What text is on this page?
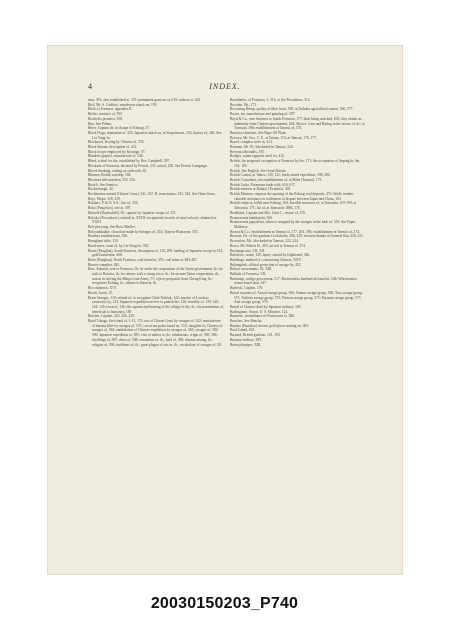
4	INDEX.

near, 391; also established at, 597; permanent garrison at, 619; railway to, 621.

Bird, Mr. S. Godfrey; murderous attack on, 199.

Birds of Formosa, appendix II.

Births, statistics of, 593.

Bischofia javanica, 558.

Bita. See Pithau.

Bitter, Captain de, in charge of Kelung, 57.

Black Flags, reputation of, 325; Japanese attack on, at Soupitoeson, 333; history of, 346. See Liu Yung-fu.

Blackmail, levying by Chinese of, 376.

Black Stream, description of, 412.

Black troops employed by Koxinga, 37.

Blankets (paper), manufacture of, 546.

Blind, school for the, established by Rev. Campbell, 597.

Blockade of Formosa, declared by French, 231; raised, 238. See French Campaign.

Blood-drinking, sealing an oath with, 65.

Blumen, British warship, 504.

Bloomea helicaraefera, 555, 556.

Boat-li. See Jaemica.

Bockenburgh, 40.

Bocheneuse nuraed (Chinee Grass), 541, 547; B. tenacissima, 541, 542. See Ghae Grass.

Bojo, Major, 328, 329.

Bokkars, P. & O. S.S., loss of, 256.

Boko (Pang-hoo), site at, 397.

Boloeth (Booksshelf), 65; capture by Japanese troops of, 351.

Bokoko (Pescadores), rainfall at, XVIII; exceptional records of wind velocity obtained at, XXIII.

Bok-pin-yung. See Boso Mailler.

Bokyookkakke, chocolate made by Savages of, 553; Taiyose Plant near, 555.

Bombax malabaricum, 556.

Bomgbuot tribe, 119.

Bond notes, issue of, by Liu Yung-fu, 352.

Bonie (Pangliau), South Formosa, description of, 118, 209; landing of Japanese troops at 354; gold found near, 466.

Borie (Pangliau), North Formosa, coal found at, 470; coal mine at, 484-487.

Borneo camphor, 443.

Bort, Admiral, sent to Formosa, 56; he seeks the cooperation of the Tartar government, ib.; he sails to Batavia, ib.; he returns with a strong force, ib.; he secures Tartar cooperation, ib.; assists in driving the Mings from Amoy, 57; rejects proposals from Cheng King, ib.; recaptures Kelung, ib.; returns to Batavia, ib.

Bos chinensis, XVI.

Bosch, Jacob, 47.

Bram Savages, 119; refusal of, to recognize Chief Tokitok, 122; murder of Loochoo castaways by, 123; Japanese expedition arrives to punish the, 126; hostility of, 139, 140, 144, 145; town of, 146; the capture and burning of the village of the, ib.; the punishment of, beneficial to humanity, 169.

Botcher, Captain, 225, 226, 229.

Botel Tobago, the island of, 1-12, 172; use of Chinae Grass by savages of, 542; manufacture of banana fibre by savages of, 537; cocoa-nut palm found on, 555; slaughter by Chinese of savages of, 564; annihilation of Chinese expedition by savages of, 565; savages of, 584-590; Japanese expedition to, 585; visit of author to, ib.; inhabitants, origin of, 585, 586; dwellings of, 587; dress of, 588; ornaments of, ib.; food of, 589; disease among, ib.; religion of, 590; traditions of, ib.; great plague of rats in, ib.; vocabulary of savages of, III.

Boundaries, of Formosa, 1, 314; of the Pescadores, 312.

Bowden, Mr., 271.

Bowsiring Hemp, quality of fibre from, 538; at Taihoku agricultural station, 560, 577.

Boxes, tea, manufacture and painting of, 397.

Boyd & Co., sent business to South Formosa, 177; their being attacked, 203; they obtain an indemnity from Chinese government, 204; Messrs. Case and Baring to the rescue of, ib.; to Twatutia, 396; establishment at Tamsui of, 374.

Brassica chinensis. See Rape Oil Plant.

Brassey, Mr. Geo. C. F., at Tainan, 174; at Tamsui, 176, 177.

Brazil, camphor trees in, 414.

Brennan, Mr. W., blockaded in Tamsui, 224.

Breynia officinalis, 555.

Bridges, rattan supports used for, 412.

British, the proposed occupation of Formosa by the, 171; the occupation of Anping by the, 194, 195.

British. See English. See Great Britain.

British Consul, at Takow, 149, 121; leads armed expedition, 198, 200.

British Consulates, the establishment of, at Hobe (Tamsui), 175.

British Lydia, Formosan trade with, 616, 617.

British marines at Dalutoi (Twatutia), 305.

British Minister, requests the opening of the Kelung coal deposits, 473; Wade, renders valuable assistance in settlement of dispute between Japan and China, 163.

British subjects, killed near Kelung, 104; horrible massacre of, at Taiwanfu, 105-109; at Taiwanfu, 171; list of, at Tamsui in 1866, 178.

Brodhurst, Captain and Mrs. John C., rescue of, 270.

Bromorentia lambiaechi, 556.

Bromorentia papyrifera, tobacco wrapped by the savages in the bark of, 553. See Paper Mulberry.

Brown & Co., establishment at Tamsui of, 177, 203, 395; establishment at Tamsui of, 374.

Browne, Dr., of the gunboat Cockchafer, 296, 229; receives thanks of General Sun, 230, 231.

Brownlow, Mr., blockaded in Tamsui, 222, 224.

Bruce, Mr. Robert H., 305; arrival at Tamsui of, 374.

Buchanga atra, VII, XII.

Buffaloes, water, 129; injury caused by frightened, 366.

Buildings, method of constructing Chinese, XXV.

Bukenglink, official protection of savage by, 435.

Bulaca saxucumata, IX, XIII.

Bulbuls of Formosa, VII.

Bunnungs, indigo grown near, 517; Bromorentia lambiaechi found at, 546; Wikstroemia retusa found near, 547.

Burbeck, Captain, 179.

Burial customs of, Atayal savage group, 566; Vonum savage group, 569; Tsou savage group, 571; Tsalisen savage group, 573; Paiwan savage group, 575; Puyuma savage group, 577; Ami savage group, 579.

Burial of Chinese dead by Japanese military, 349.

Burlingame, Anson, U. S. Minister, 122.

Burmese, resemblance of Formosans to, 586.

Bunchus. See Banchu.

Bunsho (Bunshou) stream, gold placer mining on, 461.

Bush Island, 623.

Bustard, British gunboat, 181, 193.

Butastur indicus, XIV.

Butea plumipes, XIII.

20030150203_P740
